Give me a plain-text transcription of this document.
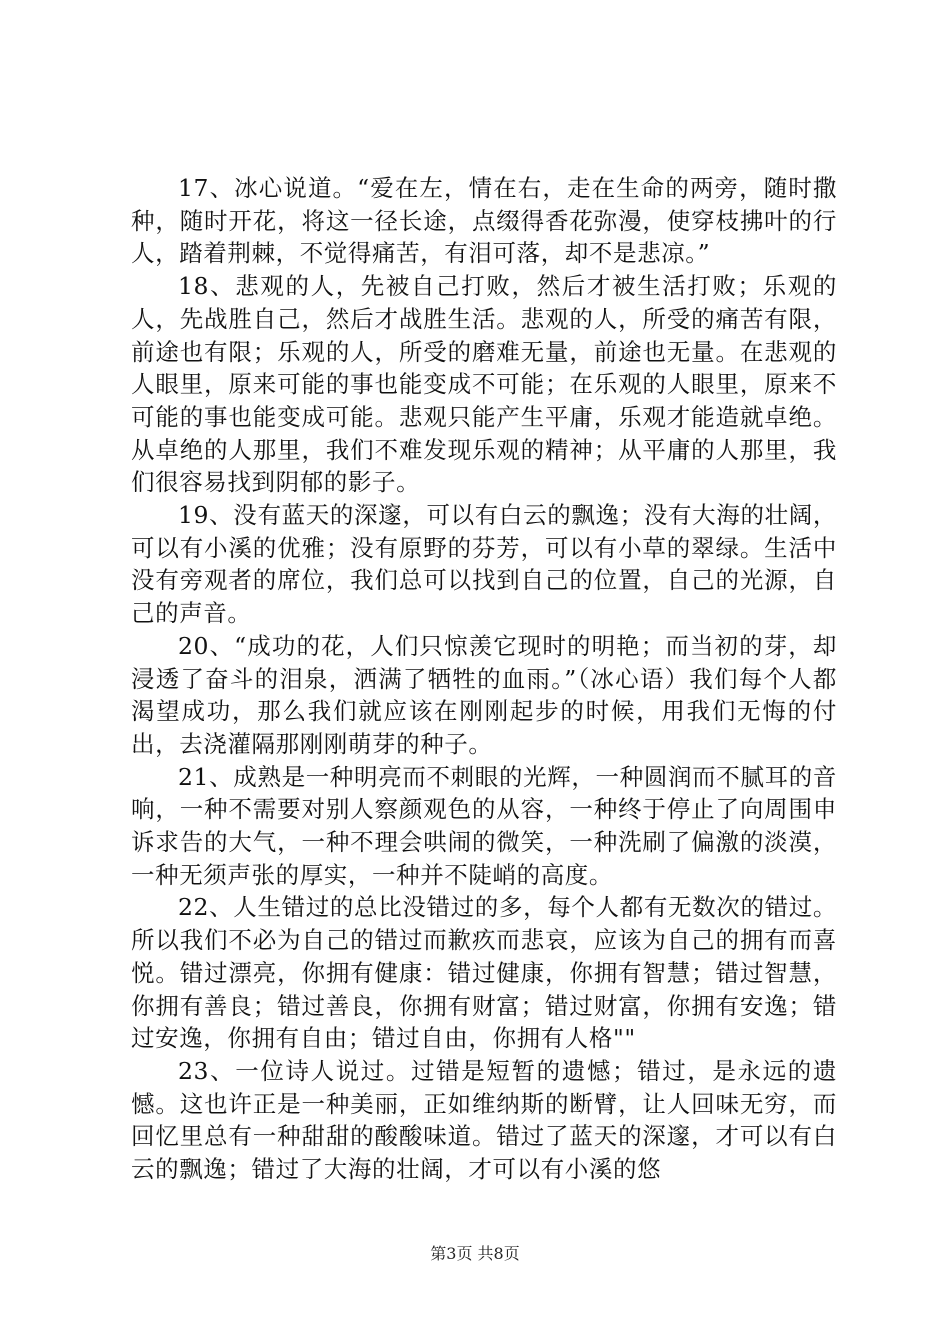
17、冰心说道。“爱在左，情在右，走在生命的两旁，随时撒种，随时开花，将这一径长途，点缀得香花弥漫，使穿枝拂叶的行人，踏着荆棘，不觉得痛苦，有泪可落，却不是悲凉。”

18、悲观的人，先被自己打败，然后才被生活打败；乐观的人，先战胜自己，然后才战胜生活。悲观的人，所受的痛苦有限，前途也有限；乐观的人，所受的磨难无量，前途也无量。在悲观的人眼里，原来可能的事也能变成不可能；在乐观的人眼里，原来不可能的事也能变成可能。悲观只能产生平庸，乐观才能造就卓绝。从卓绝的人那里，我们不难发现乐观的精神；从平庸的人那里，我们很容易找到阴郁的影子。

19、没有蓝天的深邃，可以有白云的飘逸；没有大海的壮阔，可以有小溪的优雅；没有原野的芬芳，可以有小草的翠绿。生活中没有旁观者的席位，我们总可以找到自己的位置，自己的光源，自己的声音。

20、“成功的花，人们只惊羡它现时的明艳；而当初的芽，却浸透了奋斗的泪泉，洒满了牺牲的血雨。”（冰心语）我们每个人都渴望成功，那么我们就应该在刚刚起步的时候，用我们无悔的付出，去浇灌隔那刚刚萌芽的种子。

21、成熟是一种明亮而不刺眼的光辉，一种圆润而不腻耳的音响，一种不需要对别人察颜观色的从容，一种终于停止了向周围申诉求告的大气，一种不理会哄闹的微笑，一种洗刷了偏激的淡漠，一种无须声张的厚实，一种并不陡峭的高度。

22、人生错过的总比没错过的多，每个人都有无数次的错过。所以我们不必为自己的错过而歉疚而悲哀，应该为自己的拥有而喜悦。错过漂亮，你拥有健康：错过健康，你拥有智慧；错过智慧，你拥有善良；错过善良，你拥有财富；错过财富，你拥有安逸；错过安逸，你拥有自由；错过自由，你拥有人格""

23、一位诗人说过。过错是短暂的遗憾；错过，是永远的遗憾。这也许正是一种美丽，正如维纳斯的断臂，让人回味无穷，而回忆里总有一种甜甜的酸酸味道。错过了蓝天的深邃，才可以有白云的飘逸；错过了大海的壮阔，才可以有小溪的悠

第3页 共8页
